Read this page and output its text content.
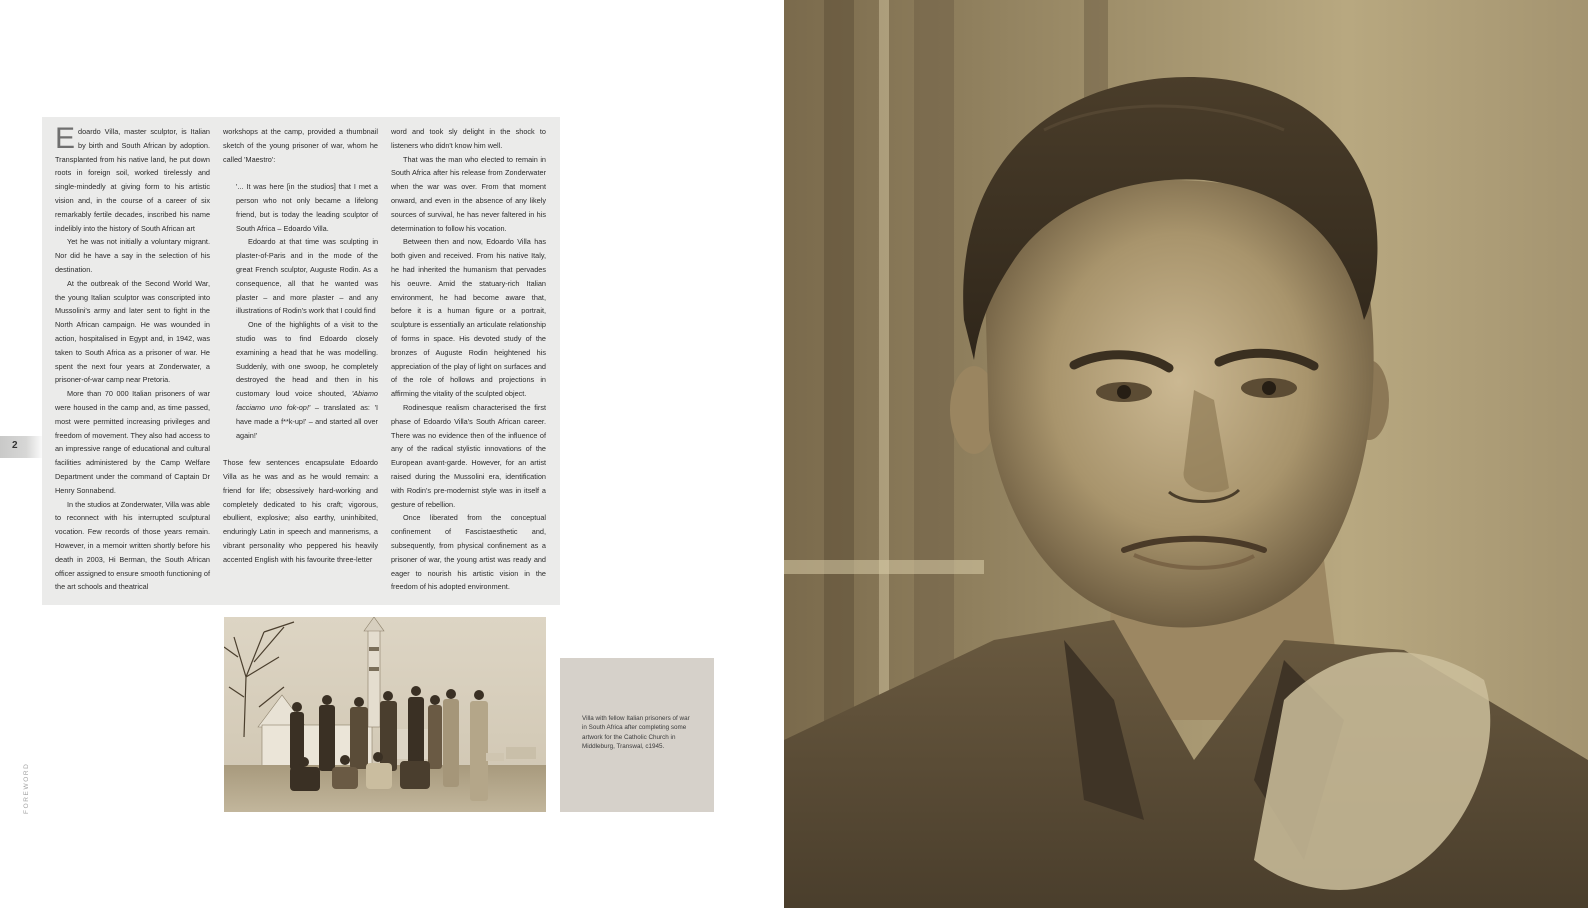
2
FOREWORD

Edoardo Villa, master sculptor, is Italian by birth and South African by adoption. Transplanted from his native land, he put down roots in foreign soil, worked tirelessly and single-mindedly at giving form to his artistic vision and, in the course of a career of six remarkably fertile decades, inscribed his name indelibly into the history of South African art

Yet he was not initially a voluntary migrant. Nor did he have a say in the selection of his destination.

At the outbreak of the Second World War, the young Italian sculptor was conscripted into Mussolini's army and later sent to fight in the North African campaign. He was wounded in action, hospitalised in Egypt and, in 1942, was taken to South Africa as a prisoner of war. He spent the next four years at Zonderwater, a prisoner-of-war camp near Pretoria.

More than 70 000 Italian prisoners of war were housed in the camp and, as time passed, most were permitted increasing privileges and freedom of movement. They also had access to an impressive range of educational and cultural facilities administered by the Camp Welfare Department under the command of Captain Dr Henry Sonnabend.

In the studios at Zonderwater, Villa was able to reconnect with his interrupted sculptural vocation. Few records of those years remain. However, in a memoir written shortly before his death in 2003, Hi Berman, the South African officer assigned to ensure smooth functioning of the art schools and theatrical

workshops at the camp, provided a thumbnail sketch of the young prisoner of war, whom he called 'Maestro':

'... It was here [in the studios] that I met a person who not only became a lifelong friend, but is today the leading sculptor of South Africa – Edoardo Villa.

Edoardo at that time was sculpting in plaster-of-Paris and in the mode of the great French sculptor, Auguste Rodin. As a consequence, all that he wanted was plaster – and more plaster – and any illustrations of Rodin's work that I could find

One of the highlights of a visit to the studio was to find Edoardo closely examining a head that he was modelling. Suddenly, with one swoop, he completely destroyed the head and then in his customary loud voice shouted, 'Abiamo facciamo uno fok-op!' – translated as: 'I have made a f**k-up!' – and started all over again!'

Those few sentences encapsulate Edoardo Villa as he was and as he would remain: a friend for life; obsessively hard-working and completely dedicated to his craft; vigorous, ebullient, explosive; also earthy, uninhibited, enduringly Latin in speech and mannerisms, a vibrant personality who peppered his heavily accented English with his favourite three-letter

word and took sly delight in the shock to listeners who didn't know him well.

That was the man who elected to remain in South Africa after his release from Zonderwater when the war was over. From that moment onward, and even in the absence of any likely sources of survival, he has never faltered in his determination to follow his vocation.

Between then and now, Edoardo Villa has both given and received. From his native Italy, he had inherited the humanism that pervades his oeuvre. Amid the statuary-rich Italian environment, he had become aware that, before it is a human figure or a portrait, sculpture is essentially an articulate relationship of forms in space. His devoted study of the bronzes of Auguste Rodin heightened his appreciation of the play of light on surfaces and of the role of hollows and projections in affirming the vitality of the sculpted object.

Rodinesque realism characterised the first phase of Edoardo Villa's South African career. There was no evidence then of the influence of any of the radical stylistic innovations of the European avant-garde. However, for an artist raised during the Mussolini era, identification with Rodin's pre-modernist style was in itself a gesture of rebellion.

Once liberated from the conceptual confinement of Fascistaesthetic and, subsequently, from physical confinement as a prisoner of war, the young artist was ready and eager to nourish his artistic vision in the freedom of his adopted environment.

Villa with fellow Italian prisoners of war in South Africa after completing some artwork for the Catholic Church in Middleburg, Transwal, c1945.
